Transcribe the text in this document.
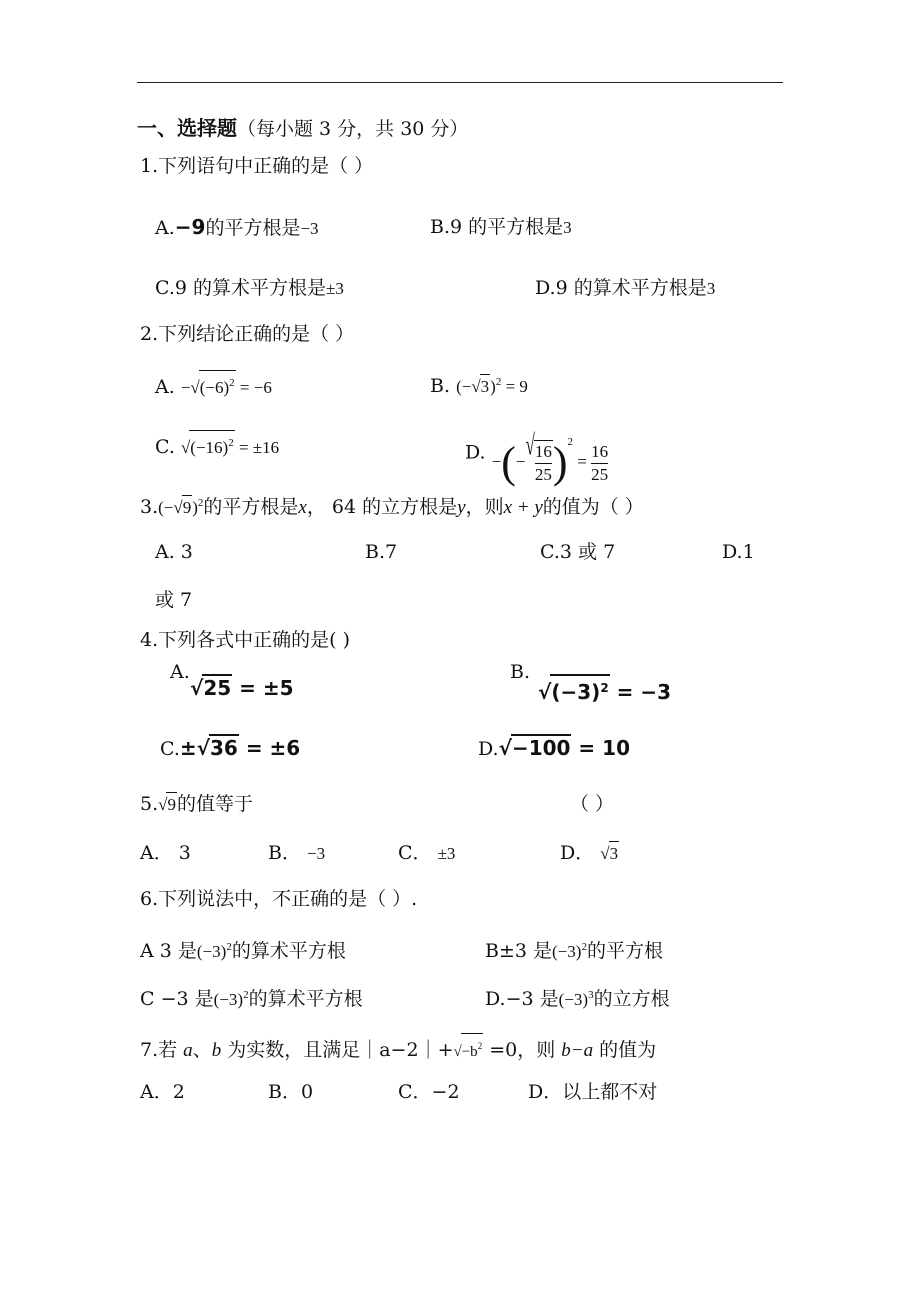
一、选择题（每小题 3 分，共 30 分）
1.下列语句中正确的是（ ）
A.−9的平方根是−3	B.9 的平方根是3
C.9 的算术平方根是±3	D.9 的算术平方根是3
2.下列结论正确的是（ ）
A. $-√(-6)^2 = -6$	B. $(-√3)^2 = 9$
C. $√(-16)^2 = \pm 16$	D. −(−√ $\frac{16}{25} )^2 = \frac{16}{25}$
$3.(-√9)^2$的平方根是x， 64 的立方根是y，则x + y的值为（ ）
A. 3	B.7	C.3 或 7	D.1
或 7
4.下列各式中正确的是( )
A.
√25 = ±5
B.
$√(-3)^2 = -3$
C.±√36 = ±6	D.√−100 = 10
5.√9的值等于	（ ）
A． 3	B． −3	C． ±3	D． √3
6.下列说法中，不正确的是（ ）.
A 3 是$(-3)^2$的算术平方根	B±3 是$(-3)^2$的平方根
C −3 是$(-3)^2$的算术平方根	D.−3 是$(-3)^3$的立方根
7.若 a、b 为实数，且满足$|a-2|+√-b^2 =0$，则 b−a 的值为
A．2	B．0	C．−2	D．以上都不对
